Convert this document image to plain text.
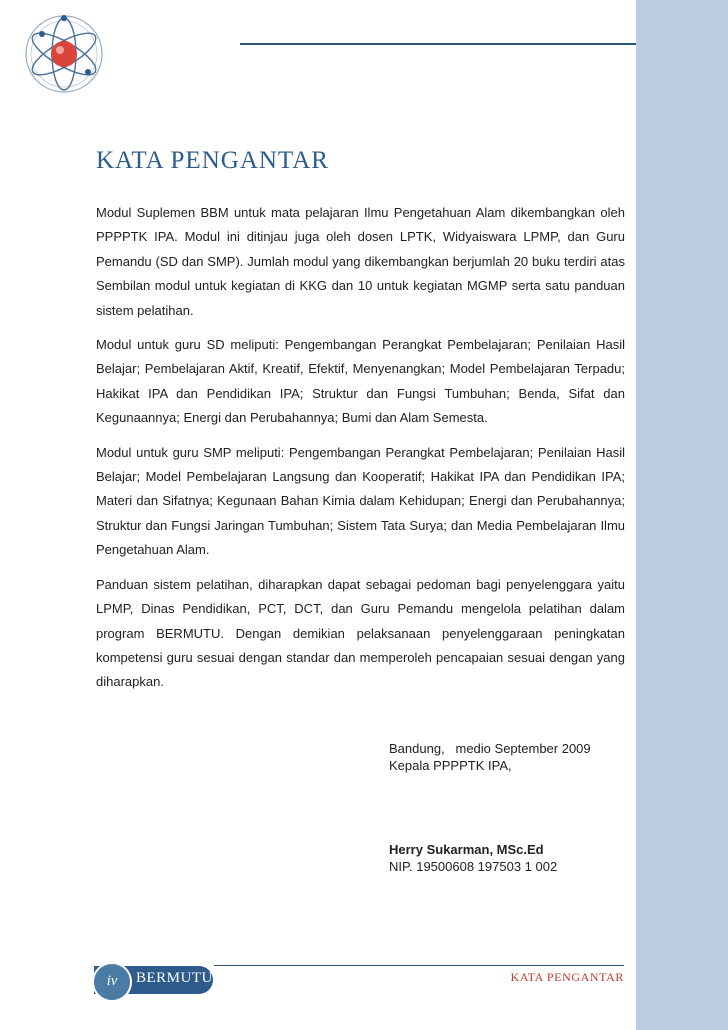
KATA PENGANTAR

Modul Suplemen BBM untuk mata pelajaran Ilmu Pengetahuan Alam dikembangkan oleh PPPPTK IPA. Modul ini ditinjau juga oleh dosen LPTK, Widyaiswara LPMP, dan Guru Pemandu (SD dan SMP). Jumlah modul yang dikembangkan berjumlah 20 buku terdiri atas Sembilan modul untuk kegiatan di KKG dan 10 untuk kegiatan MGMP serta satu panduan sistem pelatihan.

Modul untuk guru SD meliputi: Pengembangan Perangkat Pembelajaran; Penilaian Hasil Belajar; Pembelajaran Aktif, Kreatif, Efektif, Menyenangkan; Model Pembelajaran Terpadu; Hakikat IPA dan Pendidikan IPA; Struktur dan Fungsi Tumbuhan; Benda, Sifat dan Kegunaannya; Energi dan Perubahannya; Bumi dan Alam Semesta.

Modul untuk guru SMP meliputi: Pengembangan Perangkat Pembelajaran; Penilaian Hasil Belajar; Model Pembelajaran Langsung dan Kooperatif; Hakikat IPA dan Pendidikan IPA; Materi dan Sifatnya; Kegunaan Bahan Kimia dalam Kehidupan; Energi dan Perubahannya; Struktur dan Fungsi Jaringan Tumbuhan; Sistem Tata Surya; dan Media Pembelajaran Ilmu Pengetahuan Alam.

Panduan sistem pelatihan, diharapkan dapat sebagai pedoman bagi penyelenggara yaitu LPMP, Dinas Pendidikan, PCT, DCT, dan Guru Pemandu mengelola pelatihan dalam program BERMUTU. Dengan demikian pelaksanaan penyelenggaraan peningkatan kompetensi guru sesuai dengan standar dan memperoleh pencapaian sesuai dengan yang diharapkan.

Bandung,   medio September 2009
Kepala PPPPTK IPA,
Herry Sukarman, MSc.Ed
NIP. 19500608 197503 1 002
iv	BERMUTU	KATA PENGANTAR
